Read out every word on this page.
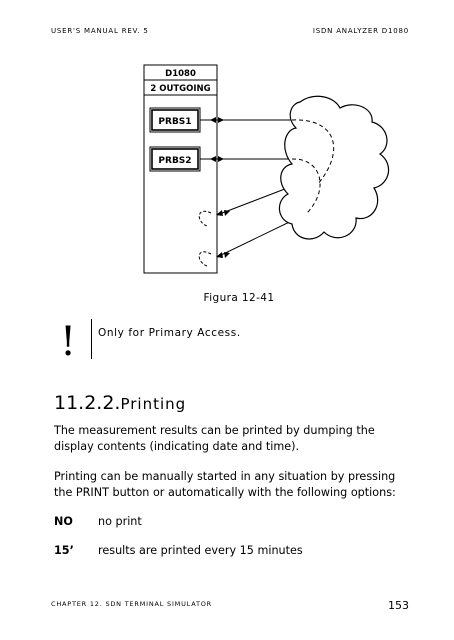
USER'S MANUAL REV. 5	ISDN ANALYZER D1080
D1080
2 OUTGOING
PRBS1
PRBS2
Figura 12-41
! Only for Primary Access.
11.2.2.Printing
The measurement results can be printed by dumping the display contents (indicating date and time).
Printing can be manually started in any situation by pressing the PRINT button or automatically with the following options:
NO no print
15’ results are printed every 15 minutes
CHAPTER 12. SDN TERMINAL SIMULATOR	153
